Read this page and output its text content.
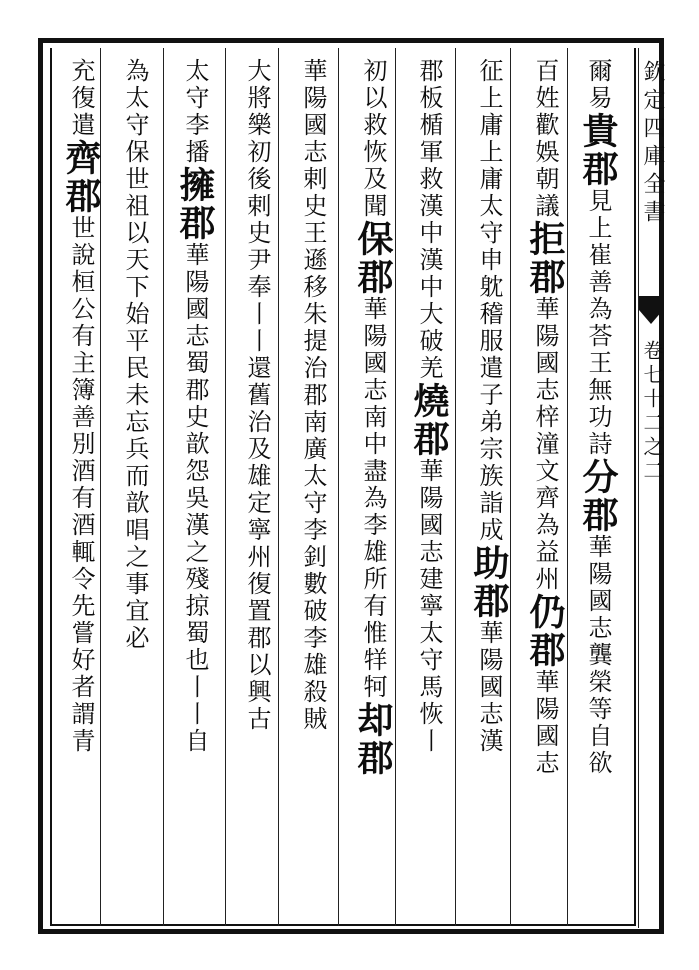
欽定四庫全書
卷七十二之二
爾易貴郡見上崔善為荅王無功詩分郡華陽國志龔榮等自欲
百姓歡娛朝議拒郡華陽國志梓潼文齊為益州仍郡華陽國志
征上庸上庸太守申躭稽服遣子弟宗族詣成助郡華陽國志漢
郡板楯軍救漢中漢中大破羌燒郡華陽國志建寧太守馬恢丨
初以救恢及聞保郡華陽國志南中盡為李雄所有惟䍧牱却郡
華陽國志剌史王遜移朱提治郡南廣太守李釗數破李雄殺賊
大將樂初後剌史尹奉丨丨還舊治及雄定寧州復置郡以興古
太守李播擁郡華陽國志蜀郡史歆怨吳漢之殘掠蜀也丨丨自
為太守保世祖以天下始平民未忘兵而歆唱之事宜必
充復遣齊郡世說桓公有主簿善別酒有酒輒令先嘗好者謂青
